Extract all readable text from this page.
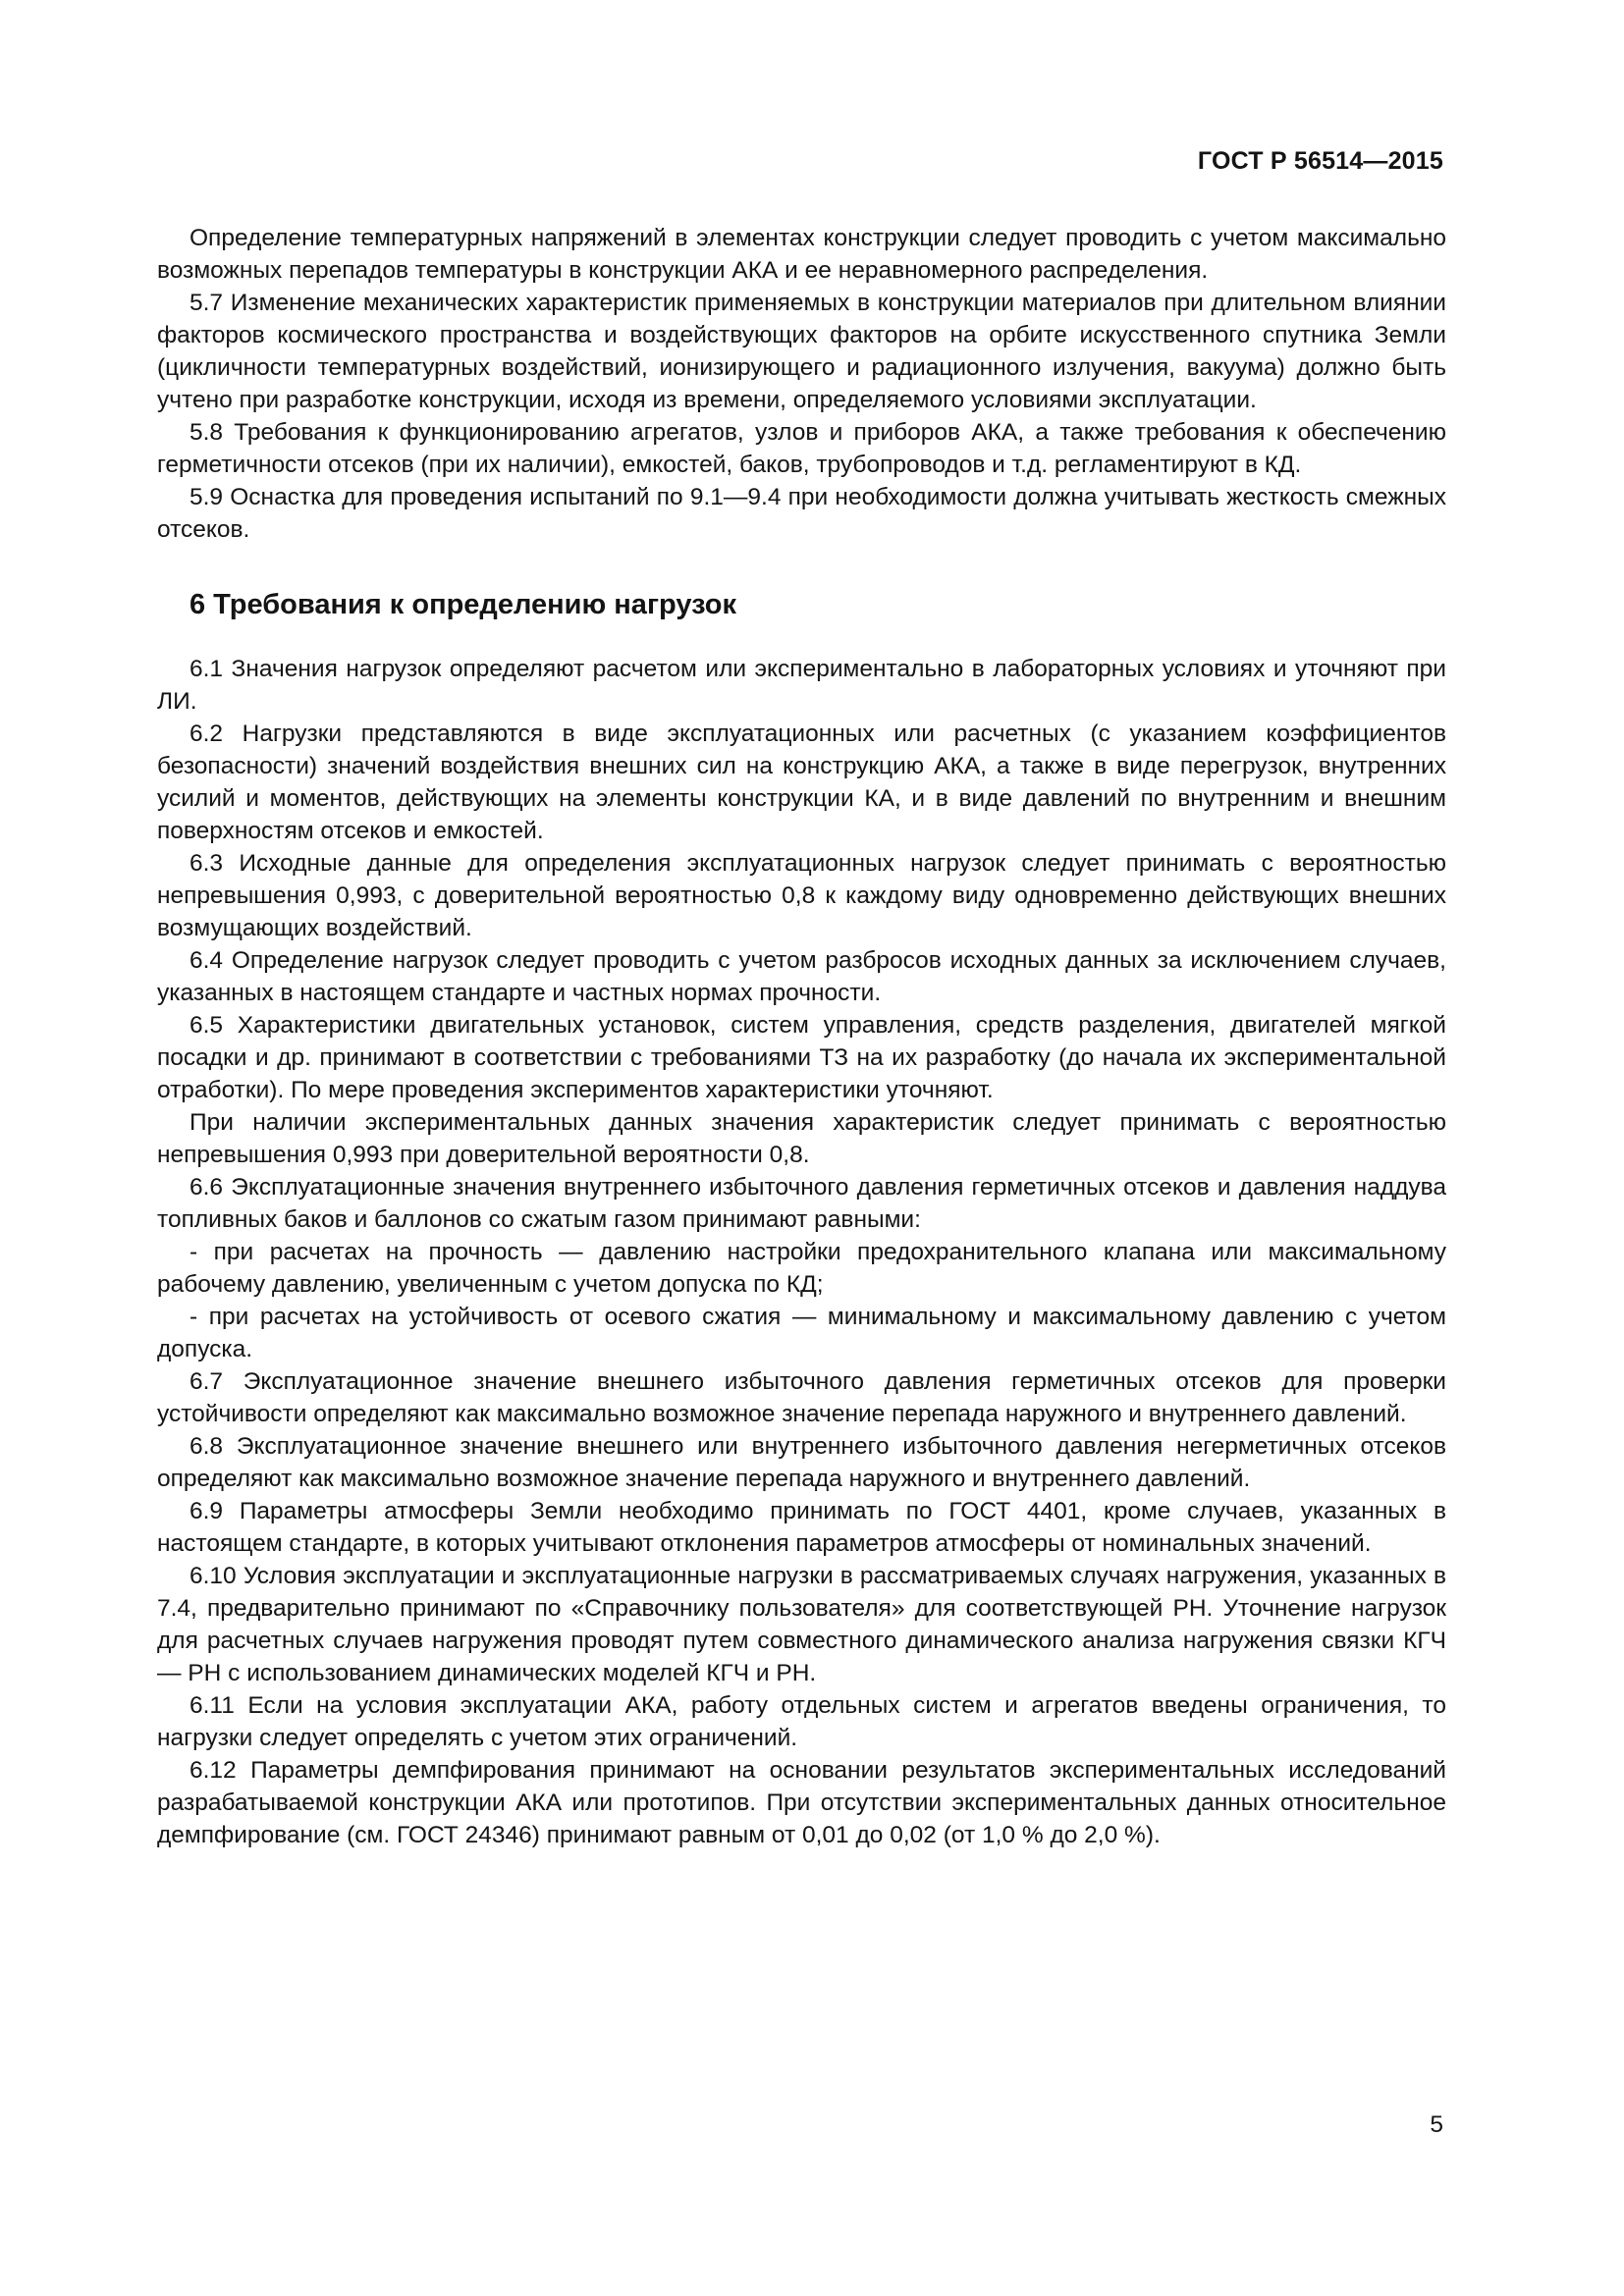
ГОСТ Р 56514—2015

Определение температурных напряжений в элементах конструкции следует проводить с учетом максимально возможных перепадов температуры в конструкции АКА и ее неравномерного распределения.

5.7 Изменение механических характеристик применяемых в конструкции материалов при длительном влиянии факторов космического пространства и воздействующих факторов на орбите искусственного спутника Земли (цикличности температурных воздействий, ионизирующего и радиационного излучения, вакуума) должно быть учтено при разработке конструкции, исходя из времени, определяемого условиями эксплуатации.

5.8 Требования к функционированию агрегатов, узлов и приборов АКА, а также требования к обеспечению герметичности отсеков (при их наличии), емкостей, баков, трубопроводов и т.д. регламентируют в КД.

5.9 Оснастка для проведения испытаний по 9.1—9.4 при необходимости должна учитывать жесткость смежных отсеков.

6 Требования к определению нагрузок

6.1 Значения нагрузок определяют расчетом или экспериментально в лабораторных условиях и уточняют при ЛИ.

6.2 Нагрузки представляются в виде эксплуатационных или расчетных (с указанием коэффициентов безопасности) значений воздействия внешних сил на конструкцию АКА, а также в виде перегрузок, внутренних усилий и моментов, действующих на элементы конструкции КА, и в виде давлений по внутренним и внешним поверхностям отсеков и емкостей.

6.3 Исходные данные для определения эксплуатационных нагрузок следует принимать с вероятностью непревышения 0,993, с доверительной вероятностью 0,8 к каждому виду одновременно действующих внешних возмущающих воздействий.

6.4 Определение нагрузок следует проводить с учетом разбросов исходных данных за исключением случаев, указанных в настоящем стандарте и частных нормах прочности.

6.5 Характеристики двигательных установок, систем управления, средств разделения, двигателей мягкой посадки и др. принимают в соответствии с требованиями ТЗ на их разработку (до начала их экспериментальной отработки). По мере проведения экспериментов характеристики уточняют.

При наличии экспериментальных данных значения характеристик следует принимать с вероятностью непревышения 0,993 при доверительной вероятности 0,8.

6.6 Эксплуатационные значения внутреннего избыточного давления герметичных отсеков и давления наддува топливных баков и баллонов со сжатым газом принимают равными:

- при расчетах на прочность — давлению настройки предохранительного клапана или максимальному рабочему давлению, увеличенным с учетом допуска по КД;

- при расчетах на устойчивость от осевого сжатия — минимальному и максимальному давлению с учетом допуска.

6.7 Эксплуатационное значение внешнего избыточного давления герметичных отсеков для проверки устойчивости определяют как максимально возможное значение перепада наружного и внутреннего давлений.

6.8 Эксплуатационное значение внешнего или внутреннего избыточного давления негерметичных отсеков определяют как максимально возможное значение перепада наружного и внутреннего давлений.

6.9 Параметры атмосферы Земли необходимо принимать по ГОСТ 4401, кроме случаев, указанных в настоящем стандарте, в которых учитывают отклонения параметров атмосферы от номинальных значений.

6.10 Условия эксплуатации и эксплуатационные нагрузки в рассматриваемых случаях нагружения, указанных в 7.4, предварительно принимают по «Справочнику пользователя» для соответствующей РН. Уточнение нагрузок для расчетных случаев нагружения проводят путем совместного динамического анализа нагружения связки КГЧ — РН с использованием динамических моделей КГЧ и РН.

6.11 Если на условия эксплуатации АКА, работу отдельных систем и агрегатов введены ограничения, то нагрузки следует определять с учетом этих ограничений.

6.12 Параметры демпфирования принимают на основании результатов экспериментальных исследований разрабатываемой конструкции АКА или прототипов. При отсутствии экспериментальных данных относительное демпфирование (см. ГОСТ 24346) принимают равным от 0,01 до 0,02 (от 1,0 % до 2,0 %).

5
